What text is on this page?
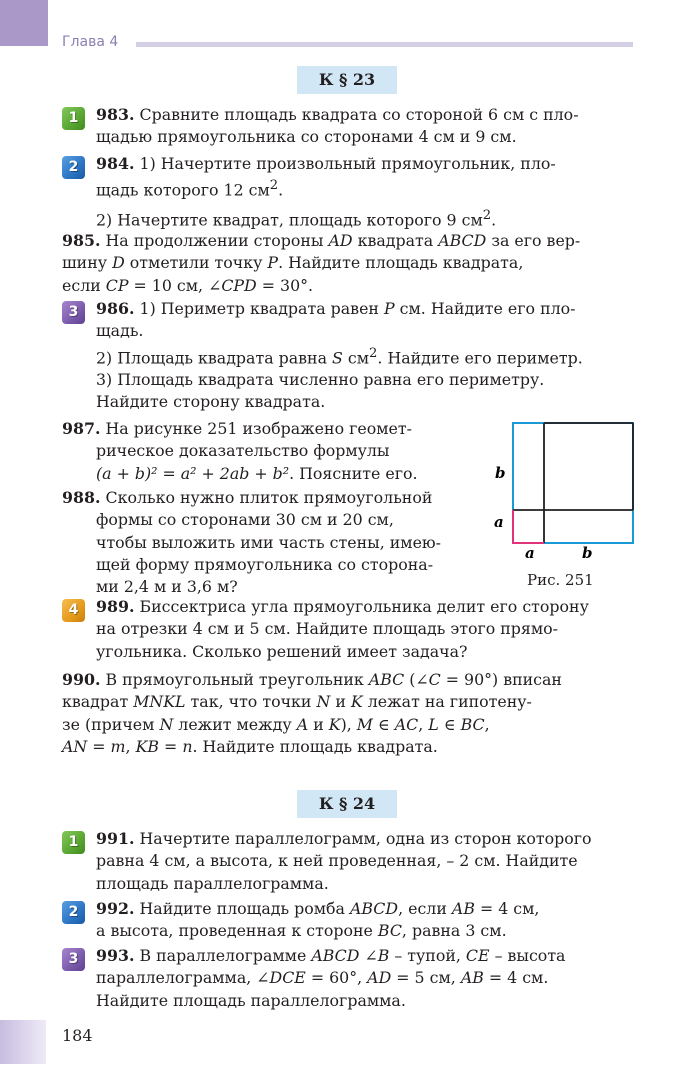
Глава 4
К § 23
1	983. Сравните площадь квадрата со стороной 6 см с пло-
щадью прямоугольника со сторонами 4 см и 9 см.
2	984. 1) Начертите произвольный прямоугольник, пло-
щадь которого 12 $см^2$.
2) Начертите квадрат, площадь которого 9 $см^2$.
985. На продолжении стороны AD квадрата ABCD за его вер-
шину D отметили точку P. Найдите площадь квадрата,
если CP = 10 см, ∠CPD = 30°.
3	986. 1) Периметр квадрата равен P см. Найдите его пло-
щадь.
2) Площадь квадрата равна S $см^2$. Найдите его периметр.
3) Площадь квадрата численно равна его периметру.
Найдите сторону квадрата.
987. На рисунке 251 изображено геомет-
рическое доказательство формулы
(a + b)² = a² + 2ab + b². Поясните его.
988. Сколько нужно плиток прямоугольной
формы со сторонами 30 см и 20 см,
чтобы выложить ими часть стены, имею-
щей форму прямоугольника со сторона-
ми 2,4 м и 3,6 м?
b
a
a	b
Рис. 251
4	989. Биссектриса угла прямоугольника делит его сторону
на отрезки 4 см и 5 см. Найдите площадь этого прямо-
угольника. Сколько решений имеет задача?
990. В прямоугольный треугольник ABC (∠C = 90°) вписан
квадрат MNKL так, что точки N и K лежат на гипотену-
зе (причем N лежит между A и K), M ∈ AC, L ∈ BC,
AN = m, KB = n. Найдите площадь квадрата.
К § 24
1	991. Начертите параллелограмм, одна из сторон которого
равна 4 см, а высота, к ней проведенная, – 2 см. Найдите
площадь параллелограмма.
2	992. Найдите площадь ромба ABCD, если AB = 4 см,
а высота, проведенная к стороне BC, равна 3 см.
3	993. В параллелограмме ABCD ∠B – тупой, CE – высота
параллелограмма, ∠DCE = 60°, AD = 5 см, AB = 4 см.
Найдите площадь параллелограмма.
184
